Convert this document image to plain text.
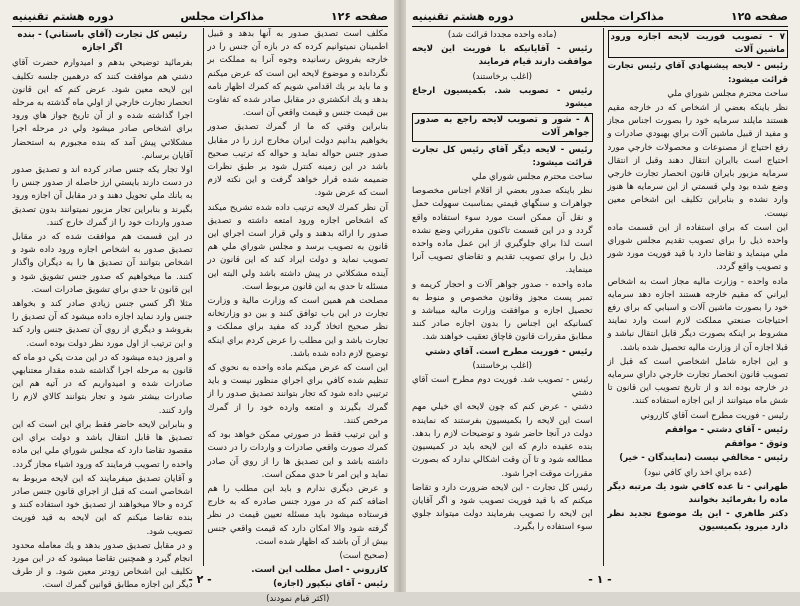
صفحه ۱۲۶
مذاکرات مجلس
دوره هشتم تقنينيه

مكلف است تصديق صدور به آنها بدهد و قبيل اطمينان نميتوانيم كرده كه در بازه آن جنس را در خارجه بفروش رسانيده وجوه آنرا به مملكت بر نگردانده و موضوع لايحه اين است كه عرض ميكنم و ما بايد بر يك اقدامي شويم كه كمرك اظهار نامه بدهد و يك انكشتري در مقابل صادر شده كه تفاوت بين قيمت جنس و قيمت واقعي آن است.

بنابراين وقتي كه ما از گمرك تصديق صدور بخواهيم بدانيم دولت ايران مخارج ارز را در مقابل صدور جنس حواله نمايد و حواله كه ترتيب صحيح باشد در اين زمينه كنترل شود بر طبق نظرات ضميمه شده قرار خواهد گرفت و اين نكته لازم است كه عرض شود.

آن نظر كمرك لايحه ترتيب داده شده تشريح ميكند كه اشخاص اجازه ورود امتعه داشته و تصديق صدور را ارائه بدهند و ولي قرار است اجراي اين قانون به تصويب برسد و مجلس شوراي ملي هم تصويب نمايد و دولت ايراد كند كه اين قانون در آينده مشكلاتي در پيش داشته باشد ولي البته اين مسئله تا حدي به اين قانون مربوط است.

مصلحت هم همين است كه وزارت مالية و وزارت تجارت در اين باب توافق كنند و بين دو وزارتخانه نظر صحيح اتخاذ گردد كه مفيد براي مملكت و تجارت باشد و اين مطلب را عرض كردم براي اينكه توضيح لازم داده شده باشد.

اين است كه عرض ميكنم ماده واحده به نحوي كه تنظيم شده كافي براي اجراي منظور نيست و بايد ترتيبي داده شود كه تجار بتوانند تصديق صدور را از گمرك بگيرند و امتعه وارده خود را از گمرك مرخص كنند.

و اين ترتيب فقط در صورتي ممكن خواهد بود كه كمرك صورت واقعي صادرات و واردات را در دست داشته باشد و اين تصديق ها را از روي آن صادر نمايد و اين امر تا حدي ممكن است.

و عرض ديگري ندارم و بايد اين مطلب را هم اضافه كنم كه در مورد جنس صادره كه به خارج فرستاده ميشود بايد مسئله تعيين قيمت در نظر گرفته شود والا امكان دارد كه قيمت واقعي جنس بيش از آن باشد كه اظهار شده است.

(صحيح است)

كازروني - اصل مطلب اين است.

رئيس - آقاي نيكپور (اجازه)

(اكثر قيام نمودند)

رئيس كل تجارت (آقاي باستاني) - بنده اگر اجازه

بفرمائيد توضيحي بدهم و اميدوارم حضرت آقاي دشتي هم موافقت كنند كه درهمين جلسه تكليف اين لايحه معين شود. عرض كنم كه اين قانون انحصار تجارت خارجي از اولي ماه گذشته به مرحله اجرا گذاشته شده و از آن تاريخ جواز هاي ورود براي اشخاص صادر ميشود ولي در مرحله اجرا مشكلاتي پيش آمد كه بنده مجبورم به استحضار آقايان برسانم.

اولا تجار يكه جنس صادر كرده اند و تصديق صدور در دست دارند بايستي ارز حاصله از صدور جنس را به بانك ملي تحويل دهند و در مقابل آن اجازه ورود بگيرند و بنابراين تجار مزبور نميتوانند بدون تصديق صدور واردات خود را از گمرك خارج كنند.

در اين قسمت هم موافقت شده كه در مقابل تصديق صدور به اشخاص اجازه ورود داده شود و اشخاص بتوانند آن تصديق ها را به ديگران واگذار كنند. ما ميخواهيم كه صدور جنس تشويق شود و اين قانون تا حدي براي تشويق صادرات است.

مثلا اگر كسي جنس زيادي صادر كند و بخواهد جنس وارد نمايد اجازه داده ميشود كه آن تصديق را بفروشد و ديگري از روي آن تصديق جنس وارد كند و اين ترتيب از اول مورد نظر دولت بوده است.

و امروز ديده ميشود كه در اين مدت يكي دو ماه كه قانون به مرحله اجرا گذاشته شده مقدار معتنابهي صادرات شده و اميدواريم كه در آتيه هم اين صادرات بيشتر شود و تجار بتوانند كالاي لازم را وارد كنند.

و بنابراين لايحه حاضر فقط براي اين است كه اين تصديق ها قابل انتقال باشد و دولت براي اين مقصود تقاضا دارد كه مجلس شوراي ملي اين ماده واحده را تصويب فرمايند كه ورود اشياء مجاز گردد.

و آقايان تصديق ميفرمايند كه اين لايحه مربوط به اشخاصي است كه قبل از اجراي قانون جنس صادر كرده و حالا ميخواهند از تصديق خود استفاده كنند و بنده تقاضا ميكنم كه اين لايحه به قيد فوريت تصويب شود.

و در مقابل تصديق صدور بدهد و يك معامله محدود انجام گيرد و همچنين تقاضا ميشود كه در اين مورد تكليف اين اشخاص زودتر معين شود. و از طرف ديگر اين اجازه مطابق قوانين گمرك است.

- ۲ -
صفحه ۱۲۵
مذاكرات مجلس
دوره هشتم تقنينيه

۷ - تصويب فوريت لايحه اجازه ورود ماشين آلات

رئيس - لايحه پيشنهادي آقاي رئيس تجارت قرائت ميشود:

ساحت محترم مجلس شوراي ملي

نظر باينكه بعضي از اشخاص كه در خارجه مقيم هستند مايلند سرمايه خود را بصورت اجناس مجاز و مفيد از قبيل ماشين آلات براي بهبودي صادرات و رفع احتياج از مصنوعات و محصولات خارجي مورد احتياج است باايران انتقال دهند وقبل از انتقال سرمايه مزبور بايران قانون انحصار تجارت خارجي وضع شده بود ولي قسمتي از اين سرمايه ها هنوز وارد نشده و بنابراين تكليف اين اشخاص معين نيست.

اين است كه براي استفاده از اين قسمت ماده واحده ذيل را براي تصويب تقديم مجلس شوراي ملي مينمايد و تقاضا دارد با قيد فوريت مورد شور و تصويب واقع گردد.

ماده واحده - وزارت ماليه مجاز است به اشخاص ايراني كه مقيم خارجه هستند اجازه دهد سرمايه خود را بصورت ماشين آلات و اسبابي كه براي رفع احتياجات صنعتي مملكت لازم است وارد نمايند مشروط بر اينكه بصورت ديگر قابل انتقال نباشد و قبلا اجازه آن از وزارت ماليه تحصيل شده باشد.

و اين اجازه شامل اشخاصي است كه قبل از تصويب قانون انحصار تجارت خارجي داراي سرمايه در خارجه بوده اند و از تاريخ تصويب اين قانون تا شش ماه ميتوانند از اين اجازه استفاده كنند.

رئيس - فوريت مطرح است آقاي كازروني

رئيس - آقاي دشتي - موافقم

وثوق - موافقم

رئيس - مخالفي نيست (نمايندگان - خير)

(عده براي اخذ راي كافي نبود)

طهراني - تا عده كافي شود يك مرتبه ديگر ماده را بفرمائيد بخوانند

دكتر طاهري - اين يك موضوع تجديد نظر دارد ميرود بكميسيون

(ماده واحده مجددا قرائت شد)

رئيس - آقايانيكه با فوريت اين لايحه موافقت دارند قيام فرمايند

(اغلب برخاستند)

رئيس - تصويب شد. بكميسيون ارجاع ميشود

۸ - شور و تصويب لايحه راجع به صدور جواهر آلات

رئيس - لايحه ديگر آقاي رئيس كل تجارت قرائت ميشود:

ساحت محترم مجلس شوراي ملي

نظر باينكه صدور بعضي از اقلام اجناس مخصوصا جواهرات و سنگهاي قيمتي بمناسبت سهولت حمل و نقل آن ممكن است مورد سوء استفاده واقع گردد و در اين قسمت تاكنون مقرراتي وضع نشده است لذا براي جلوگيري از اين عمل ماده واحده ذيل را براي تصويب تقديم و تقاضاي تصويب آنرا مينمايد.

ماده واحده - صدور جواهر آلات و احجار كريمه و تمبر پست مجوز وقانون مخصوص و منوط به تحصيل اجازه و موافقت وزارت ماليه ميباشد و كسانيكه اين اجناس را بدون اجازه صادر كنند مطابق مقررات قانون قاچاق تعقيب خواهند شد.

رئيس - فوريت مطرح است. آقاي دشتي

(اغلب برخاستند)

رئيس - تصويب شد. فوريت دوم مطرح است آقاي دشتي

دشتي - عرض كنم كه چون لايحه اي خيلي مهم است اين لايحه را بكميسيون بفرستند كه نماينده دولت در آنجا حاضر شود و توضيحات لازم را بدهد. بنده عقيده دارم كه اين لايحه بايد در كميسيون مطالعه شود و تا آن وقت اشكالي ندارد كه بصورت مقررات موقت اجرا شود.

رئيس كل تجارت - اين لايحه ضرورت دارد و تقاضا ميكنم كه با قيد فوريت تصويب شود و اگر آقايان اين لايحه را تصويب بفرمايند دولت ميتواند جلوي سوء استفاده را بگيرد.

- ۱ -
